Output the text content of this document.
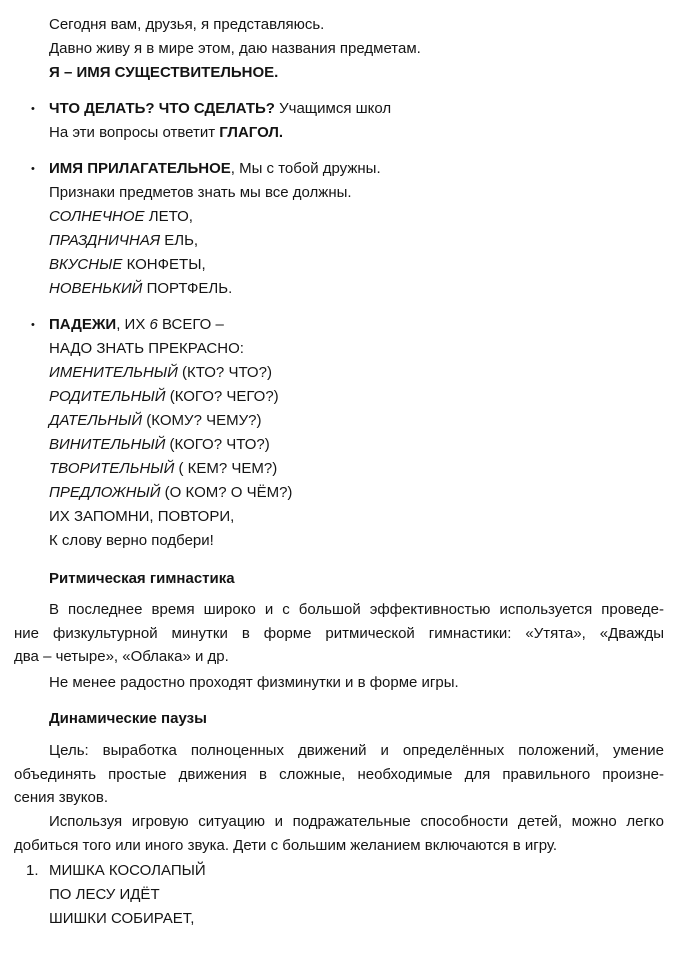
Сегодня вам, друзья, я представляюсь.
Давно живу я в мире этом, даю названия предметам.
Я – ИМЯ СУЩЕСТВИТЕЛЬНОЕ.
• ЧТО ДЕЛАТЬ? ЧТО СДЕЛАТЬ? Учащимся школ
На эти вопросы ответит ГЛАГОЛ.
• ИМЯ ПРИЛАГАТЕЛЬНОЕ, Мы с тобой дружны.
Признаки предметов знать мы все должны.
СОЛНЕЧНОЕ ЛЕТО,
ПРАЗДНИЧНАЯ ЕЛЬ,
ВКУСНЫЕ КОНФЕТЫ,
НОВЕНЬКИЙ ПОРТФЕЛЬ.
• ПАДЕЖИ, ИХ 6 ВСЕГО –
НАДО ЗНАТЬ ПРЕКРАСНО:
ИМЕНИТЕЛЬНЫЙ (КТО? ЧТО?)
РОДИТЕЛЬНЫЙ (КОГО? ЧЕГО?)
ДАТЕЛЬНЫЙ (КОМУ? ЧЕМУ?)
ВИНИТЕЛЬНЫЙ (КОГО? ЧТО?)
ТВОРИТЕЛЬНЫЙ ( КЕМ? ЧЕМ?)
ПРЕДЛОЖНЫЙ (О КОМ? О ЧЁМ?)
ИХ ЗАПОМНИ, ПОВТОРИ,
К слову верно подбери!
Ритмическая гимнастика
В последнее время широко и с большой эффективностью используется проведе-
ние физкультурной минутки в форме ритмической гимнастики: «Утята», «Дважды
два – четыре», «Облака» и др.
Не менее радостно проходят физминутки и в форме игры.
Динамические паузы
Цель: выработка полноценных движений и определённых положений, умение
объединять простые движения в сложные, необходимые для правильного произне-
сения звуков.
Используя игровую ситуацию и подражательные способности детей, можно легко
добиться того или иного звука. Дети с большим желанием включаются в игру.
1. МИШКА КОСОЛАПЫЙ
ПО ЛЕСУ ИДЁТ
ШИШКИ СОБИРАЕТ,
